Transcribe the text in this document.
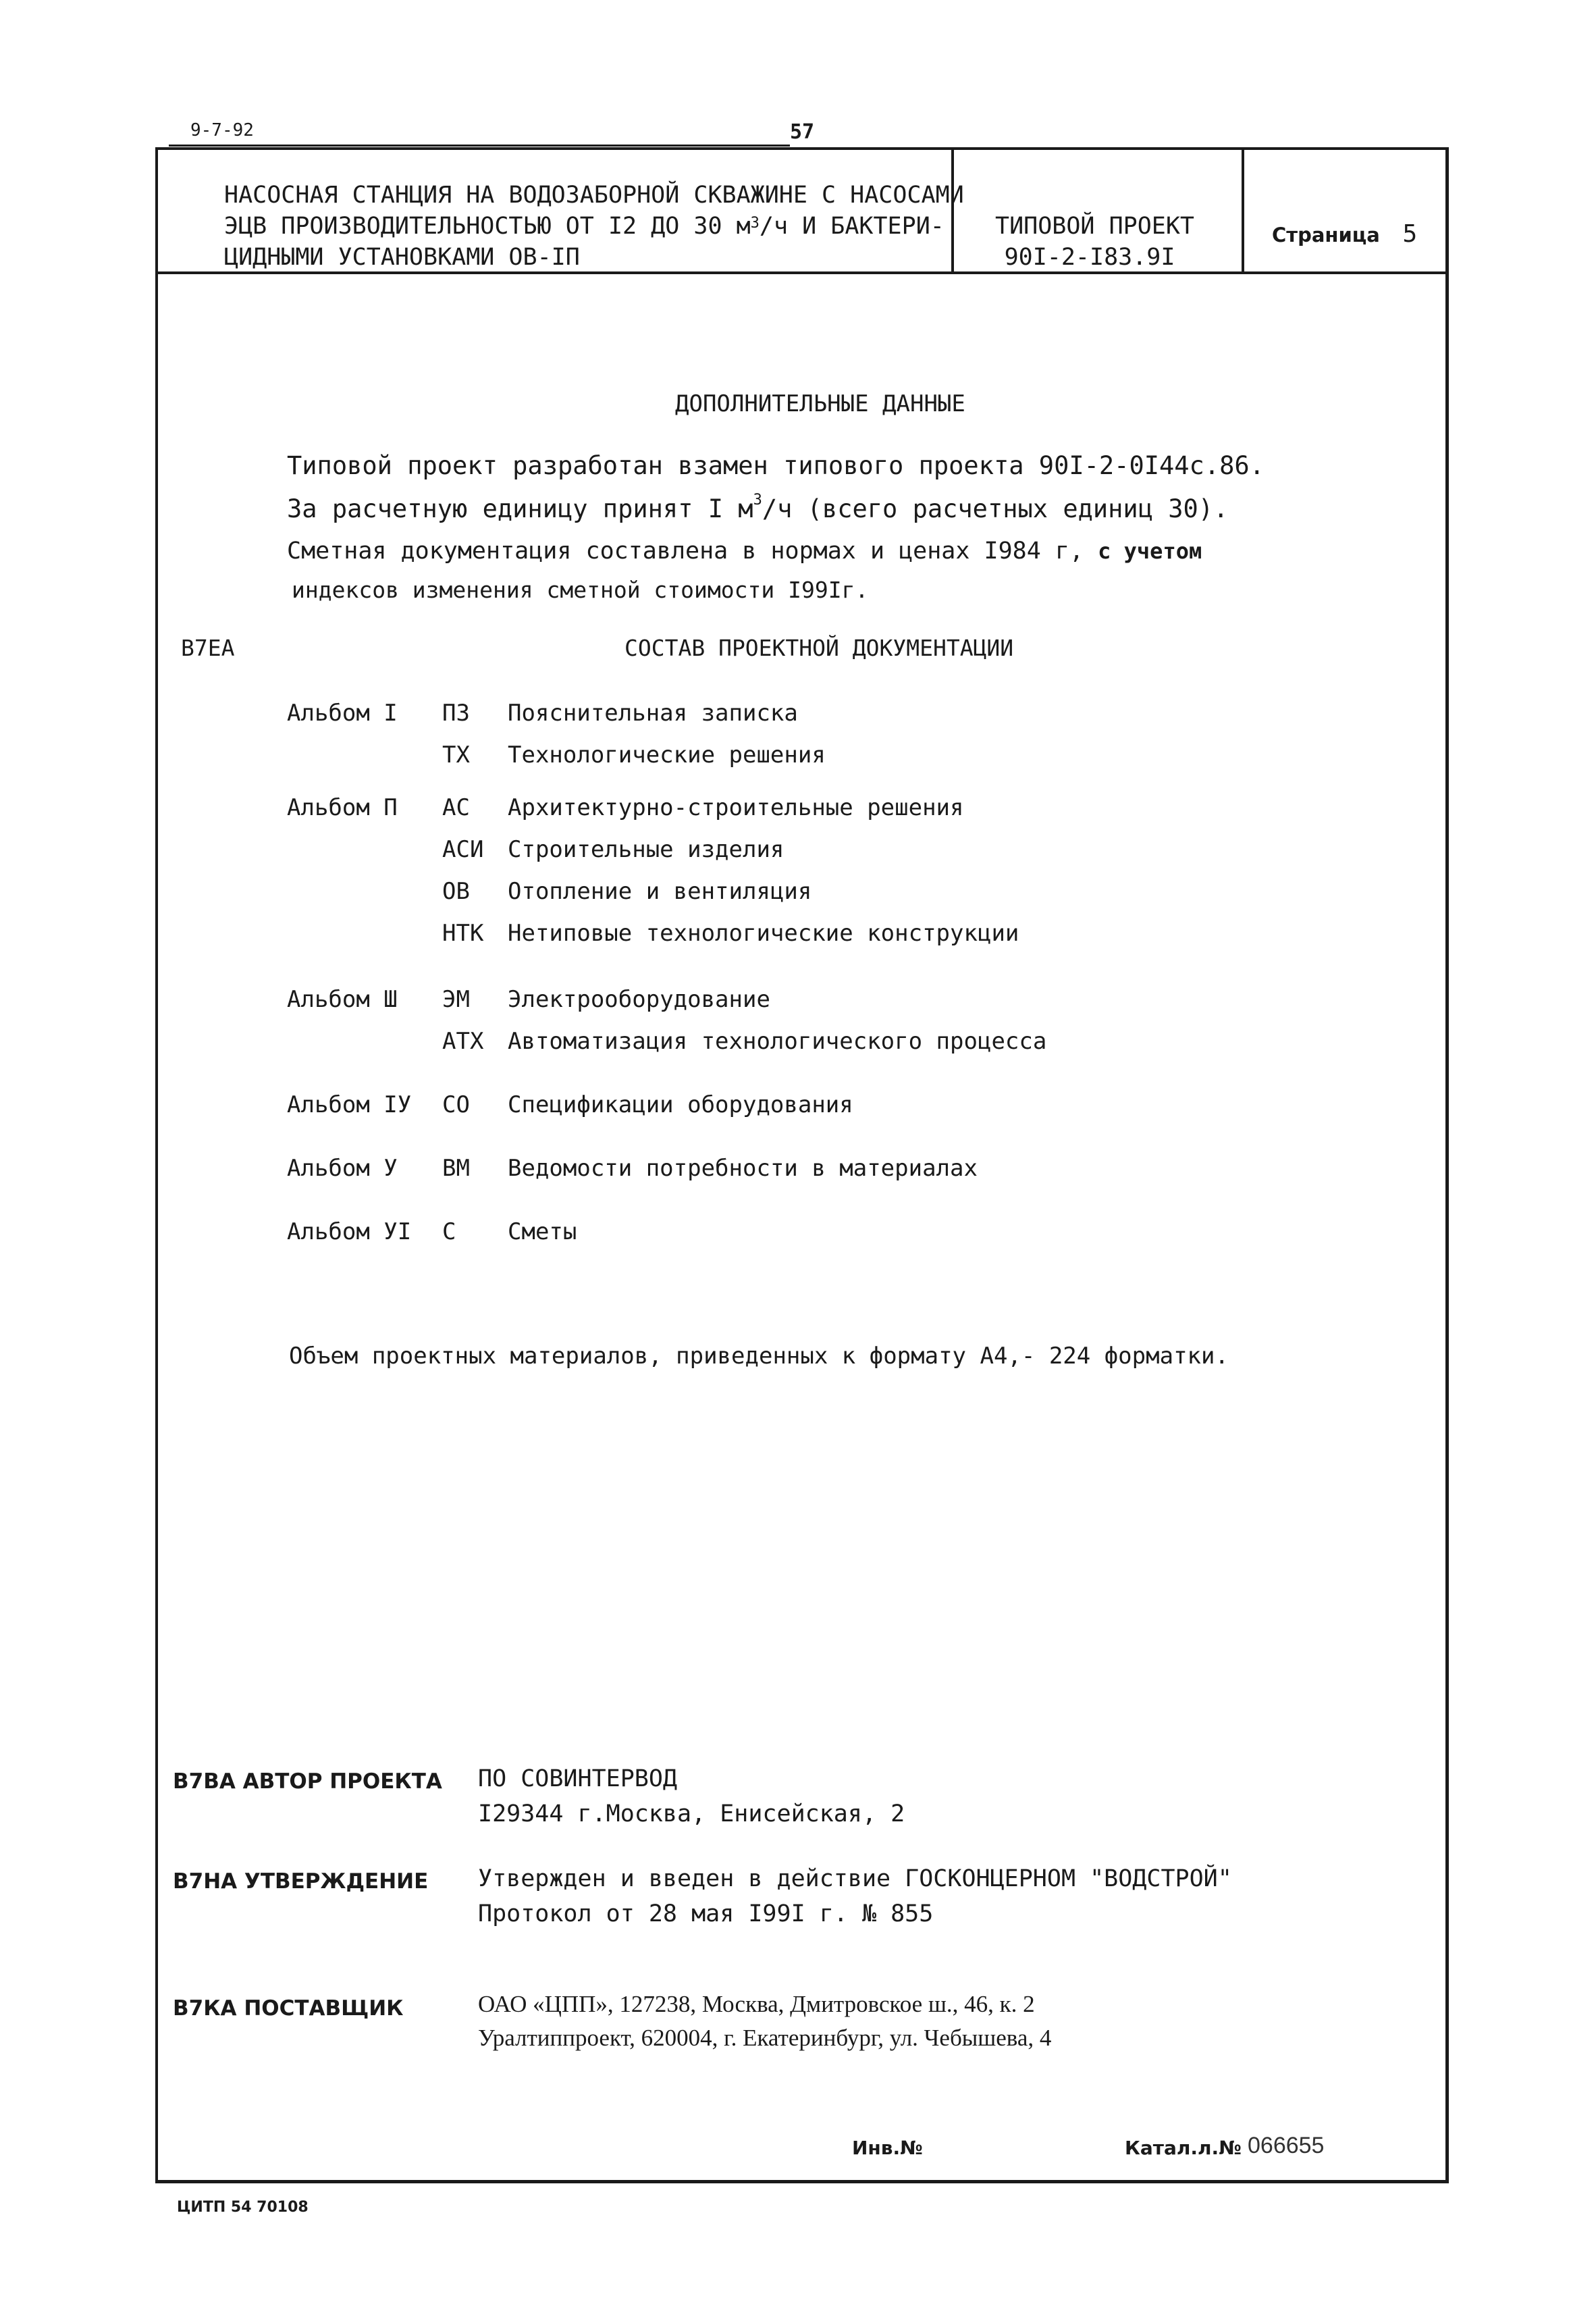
9-7-92	57
НАСОСНАЯ СТАНЦИЯ НА ВОДОЗАБОРНОЙ СКВАЖИНЕ С НАСОСАМИ
ЭЦВ ПРОИЗВОДИТЕЛЬНОСТЬЮ ОТ I2 ДО 30 $м^3/ч$ И БАКТЕРИ-
ЦИДНЫМИ УСТАНОВКАМИ ОВ-IП
ТИПОВОЙ ПРОЕКТ
90I-2-I83.9I
Страница 5
ДОПОЛНИТЕЛЬНЫЕ ДАННЫЕ
Типовой проект разработан взамен типового проекта 90I-2-0I44с.86.
За расчетную единицу принят I $м^3/ч$ (всего расчетных единиц 30).
Сметная документация составлена в нормах и ценах I984 г, с учетом
индексов изменения сметной стоимости I99Iг.
В7ЕА	СОСТАВ ПРОЕКТНОЙ ДОКУМЕНТАЦИИ
Альбом I ПЗ Пояснительная записка
ТХ Технологические решения
Альбом П АС Архитектурно-строительные решения
АСИ Строительные изделия
ОВ Отопление и вентиляция
НТК Нетиповые технологические конструкции
Альбом Ш ЭМ Электрооборудование
АТХ Автоматизация технологического процесса
Альбом IУ СО Спецификации оборудования
Альбом У ВМ Ведомости потребности в материалах
Альбом УI С Сметы
Объем проектных материалов, приведенных к формату А4,- 224 форматки.
В7ВА АВТОР ПРОЕКТА ПО СОВИНТЕРВОД
I29344 г.Москва, Енисейская, 2
В7НА УТВЕРЖДЕНИЕ Утвержден и введен в действие ГОСКОНЦЕРНОМ "ВОДСТРОЙ"
Протокол от 28 мая I99I г. № 855
В7КА ПОСТАВЩИК	ОАО «ЦПП», 127238, Москва, Дмитровское ш., 46, к. 2
Уралтиппроект, 620004, г. Екатеринбург, ул. Чебышева, 4
Инв.№	Катал.л.№ 066655
ЦИТП 54 70108
